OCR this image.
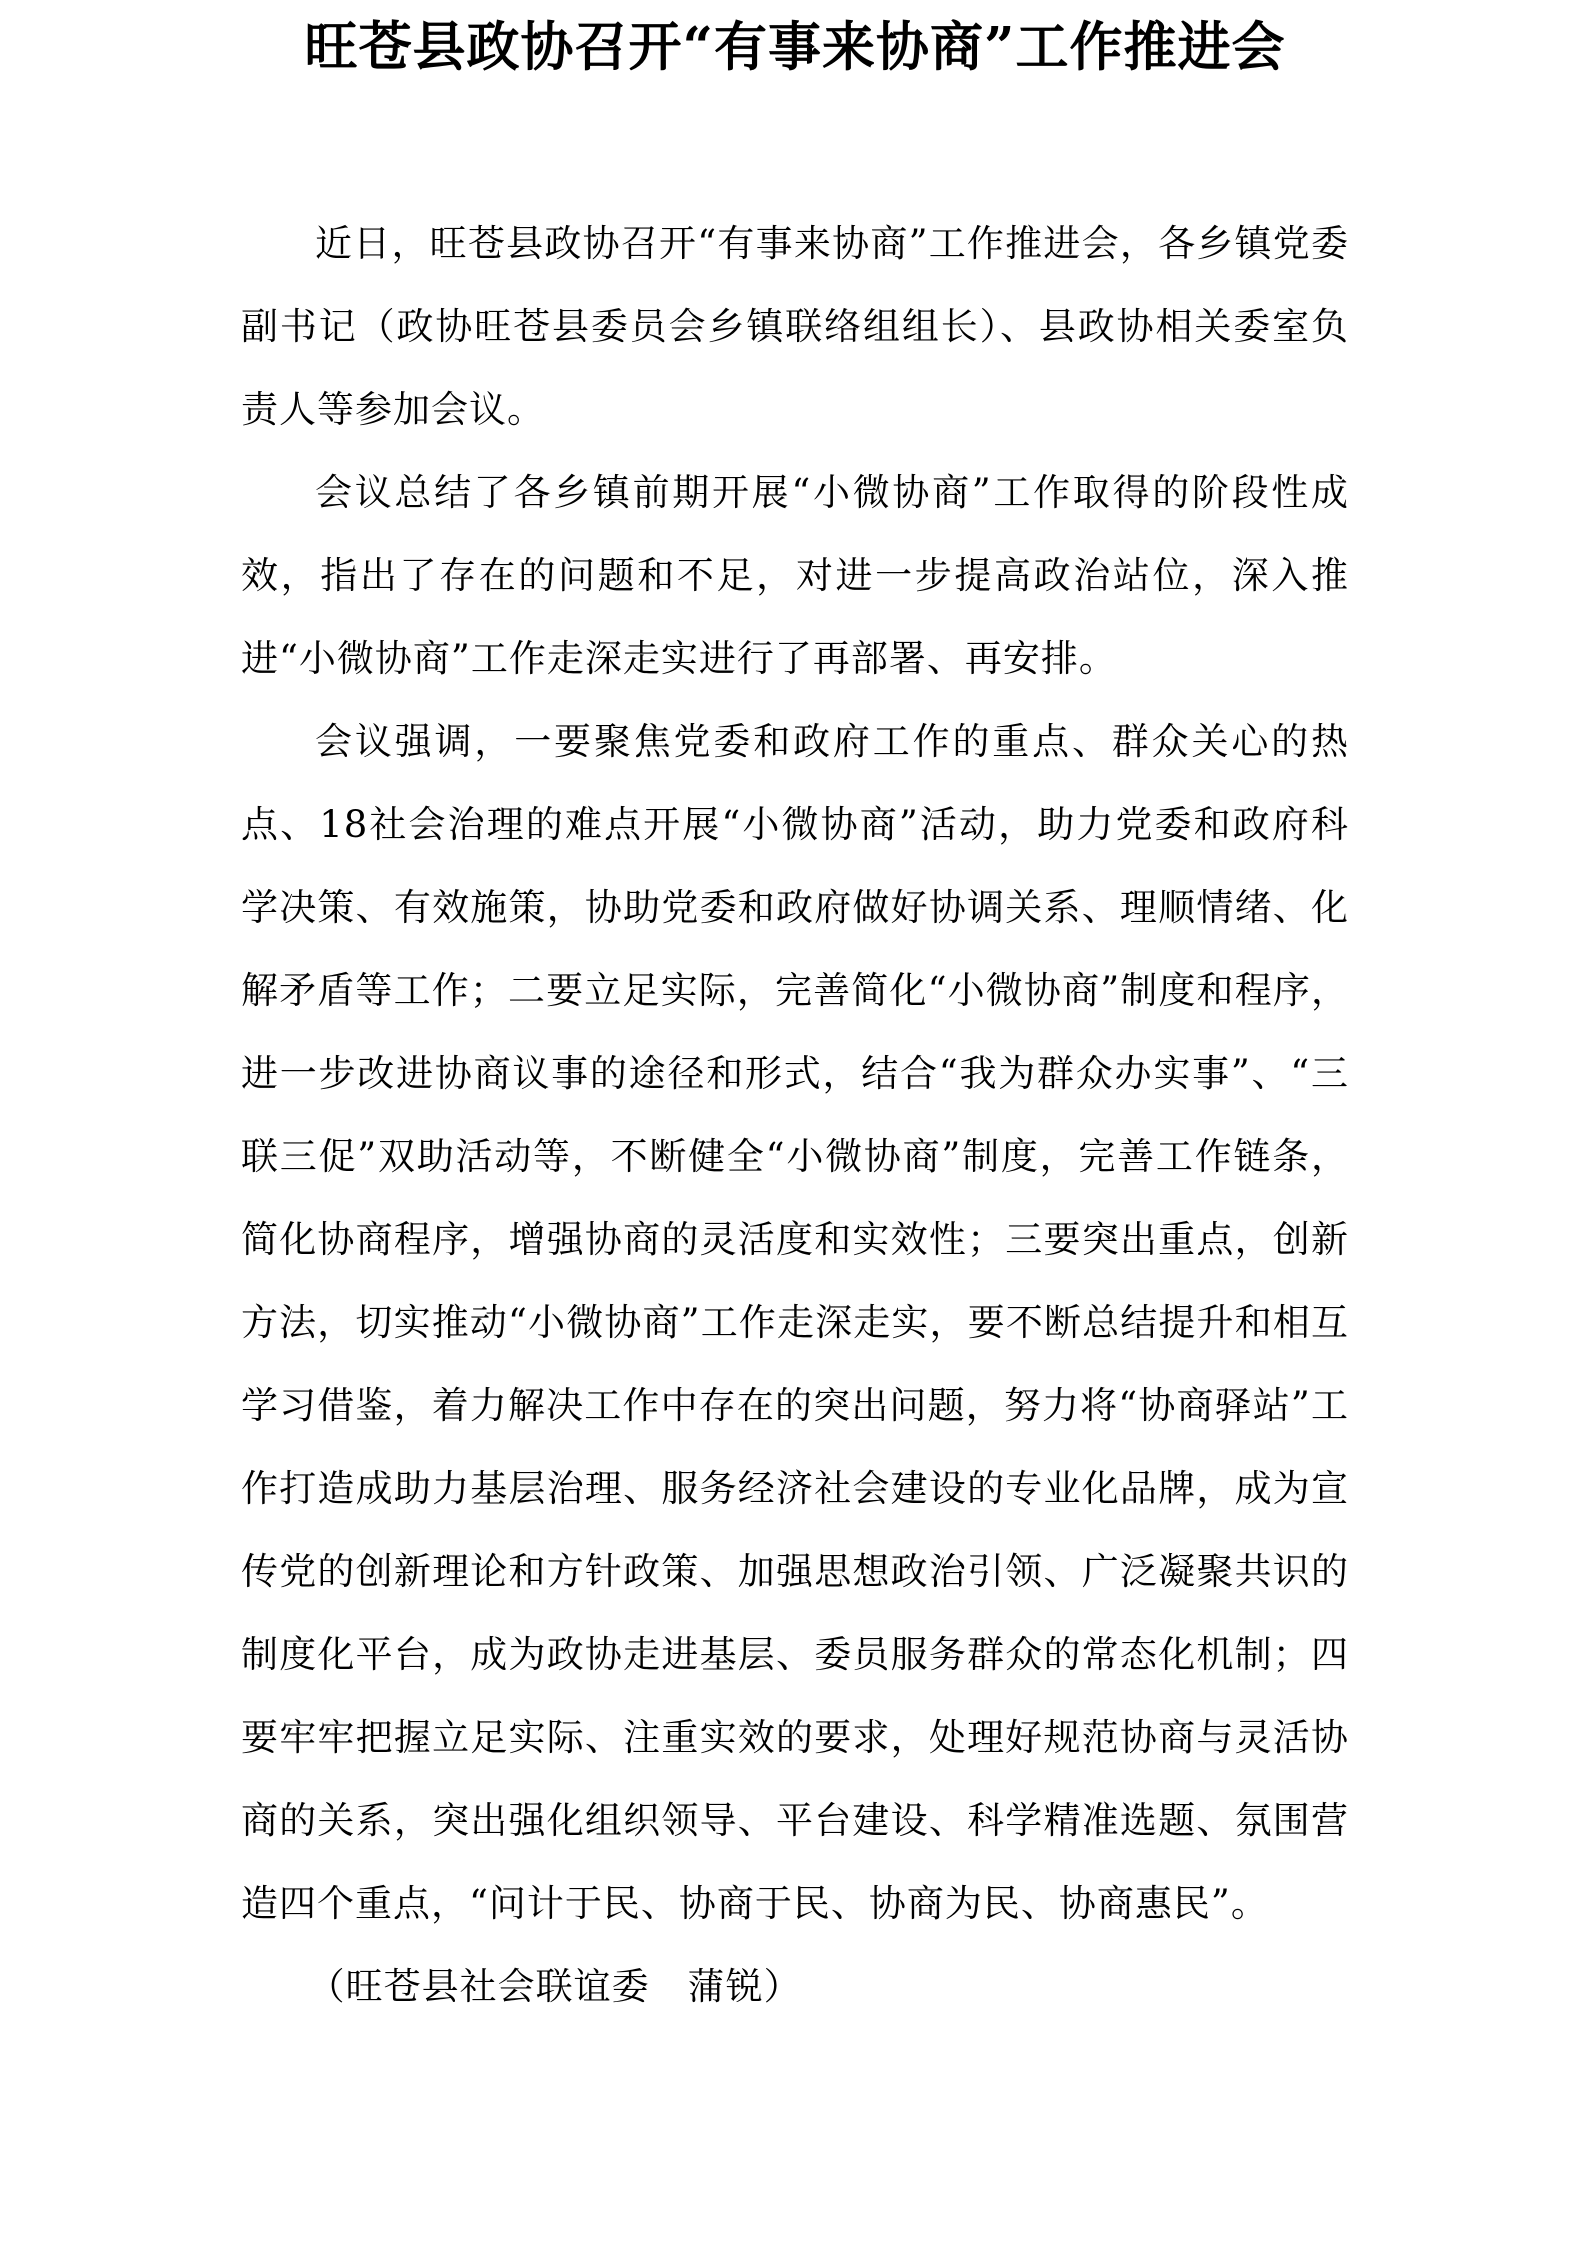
旺苍县政协召开“有事来协商”工作推进会

近日，旺苍县政协召开“有事来协商”工作推进会，各乡镇党委副书记（政协旺苍县委员会乡镇联络组组长）、县政协相关委室负责人等参加会议。

会议总结了各乡镇前期开展“小微协商”工作取得的阶段性成效，指出了存在的问题和不足，对进一步提高政治站位，深入推进“小微协商”工作走深走实进行了再部署、再安排。

会议强调，一要聚焦党委和政府工作的重点、群众关心的热点、18社会治理的难点开展“小微协商”活动，助力党委和政府科学决策、有效施策，协助党委和政府做好协调关系、理顺情绪、化解矛盾等工作；二要立足实际，完善简化“小微协商”制度和程序，进一步改进协商议事的途径和形式，结合“我为群众办实事”、“三联三促”双助活动等，不断健全“小微协商”制度，完善工作链条，简化协商程序，增强协商的灵活度和实效性；三要突出重点，创新方法，切实推动“小微协商”工作走深走实，要不断总结提升和相互学习借鉴，着力解决工作中存在的突出问题，努力将“协商驿站”工作打造成助力基层治理、服务经济社会建设的专业化品牌，成为宣传党的创新理论和方针政策、加强思想政治引领、广泛凝聚共识的制度化平台，成为政协走进基层、委员服务群众的常态化机制；四要牢牢把握立足实际、注重实效的要求，处理好规范协商与灵活协商的关系，突出强化组织领导、平台建设、科学精准选题、氛围营造四个重点，“问计于民、协商于民、协商为民、协商惠民”。

（旺苍县社会联谊委　蒲锐）
